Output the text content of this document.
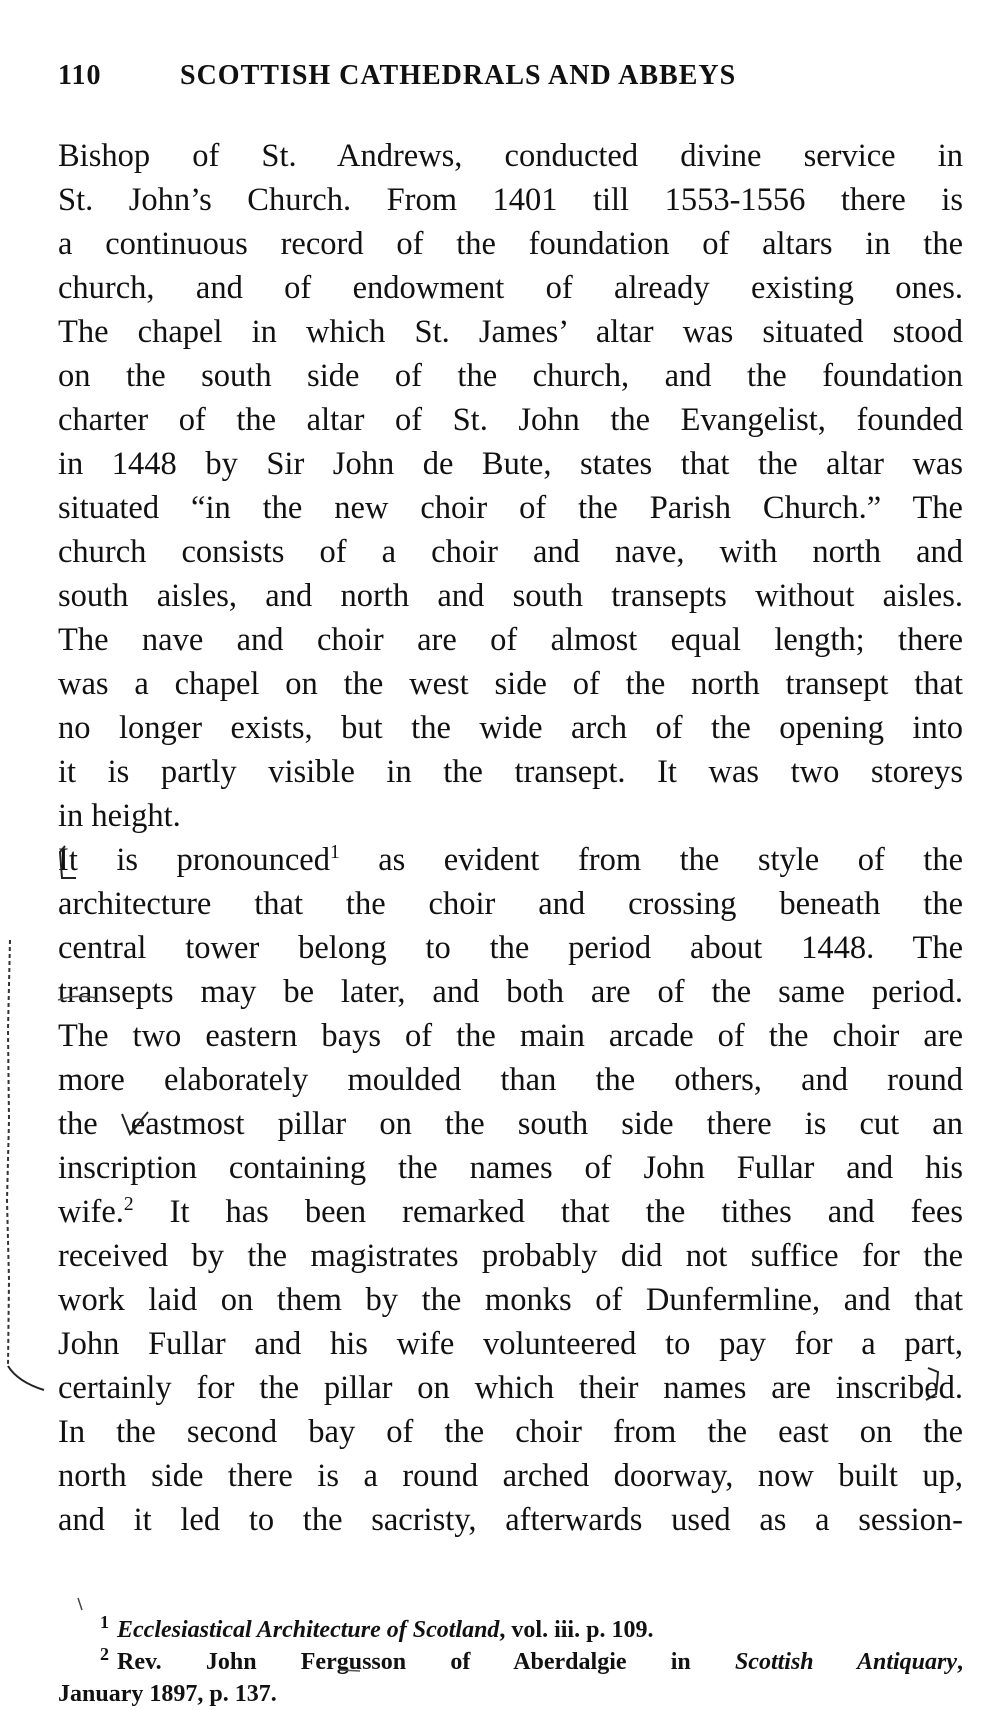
110	SCOTTISH CATHEDRALS AND ABBEYS
Bishop of St. Andrews, conducted divine service in
St. John’s Church. From 1401 till 1553-1556 there is
a continuous record of the foundation of altars in the
church, and of endowment of already existing ones.
The chapel in which St. James’ altar was situated stood
on the south side of the church, and the foundation
charter of the altar of St. John the Evangelist, founded
in 1448 by Sir John de Bute, states that the altar was
situated “in the new choir of the Parish Church.” The
church consists of a choir and nave, with north and
south aisles, and north and south transepts without aisles.
The nave and choir are of almost equal length; there
was a chapel on the west side of the north transept that
no longer exists, but the wide arch of the opening into
it is partly visible in the transept. It was two storeys
in height.
It is pronounced$^1$ as evident from the style of the
architecture that the choir and crossing beneath the
central tower belong to the period about 1448. The
transepts may be later, and both are of the same period.
The two eastern bays of the main arcade of the choir are
more elaborately moulded than the others, and round
the eastmost pillar on the south side there is cut an
inscription containing the names of John Fullar and his
wife.$^2$ It has been remarked that the tithes and fees
received by the magistrates probably did not suffice for the
work laid on them by the monks of Dunfermline, and that
John Fullar and his wife volunteered to pay for a part,
certainly for the pillar on which their names are inscribed.
In the second bay of the choir from the east on the
north side there is a round arched doorway, now built up,
and it led to the sacristy, afterwards used as a session-
$^1$ Ecclesiastical Architecture of Scotland, vol. iii. p. 109.
$^2$ Rev. John Fergusson of Aberdalgie in Scottish Antiquary,
January 1897, p. 137.
